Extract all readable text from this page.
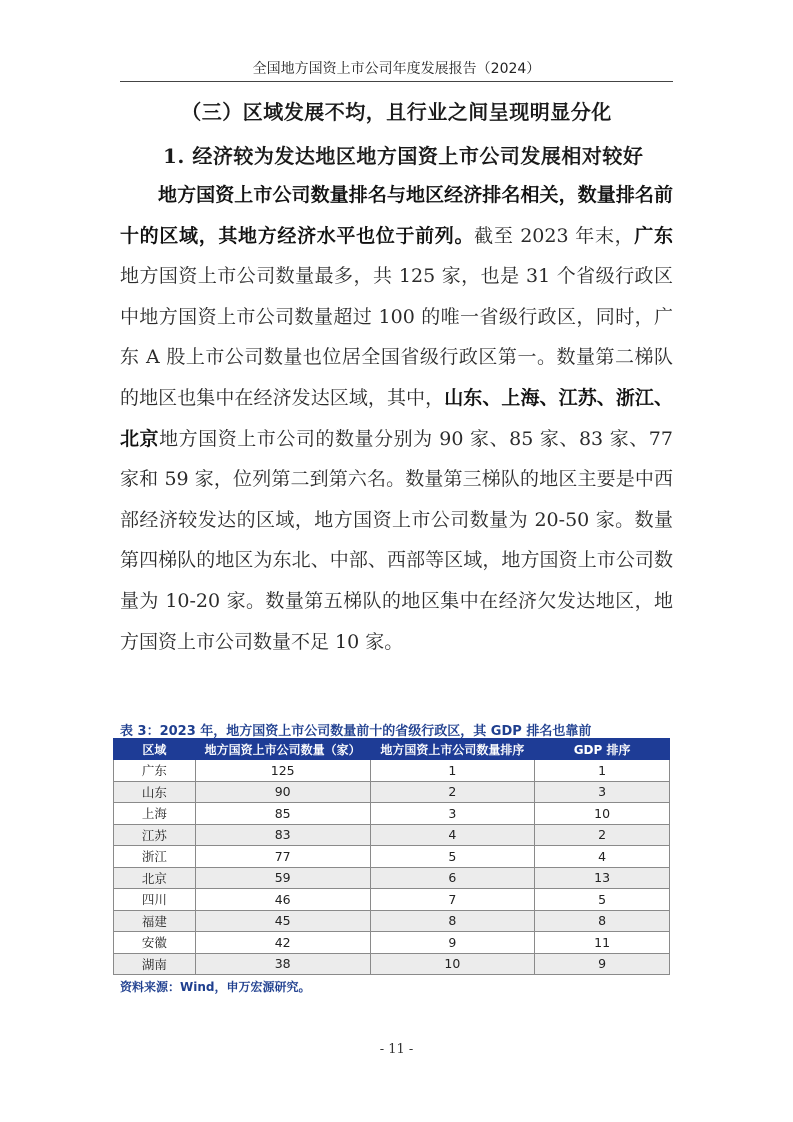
全国地方国资上市公司年度发展报告（2024）
（三）区域发展不均，且行业之间呈现明显分化
1. 经济较为发达地区地方国资上市公司发展相对较好
地方国资上市公司数量排名与地区经济排名相关，数量排名前十的区域，其地方经济水平也位于前列。截至 2023 年末，广东地方国资上市公司数量最多，共 125 家，也是 31 个省级行政区中地方国资上市公司数量超过 100 的唯一省级行政区，同时，广东 A 股上市公司数量也位居全国省级行政区第一。数量第二梯队的地区也集中在经济发达区域，其中，山东、上海、江苏、浙江、北京地方国资上市公司的数量分别为 90 家、85 家、83 家、77 家和 59 家，位列第二到第六名。数量第三梯队的地区主要是中西部经济较发达的区域，地方国资上市公司数量为 20-50 家。数量第四梯队的地区为东北、中部、西部等区域，地方国资上市公司数量为 10-20 家。数量第五梯队的地区集中在经济欠发达地区，地方国资上市公司数量不足 10 家。
表 3：2023 年，地方国资上市公司数量前十的省级行政区，其 GDP 排名也靠前
区域	地方国资上市公司数量（家）	地方国资上市公司数量排序	GDP 排序
广东	125	1	1
山东	90	2	3
上海	85	3	10
江苏	83	4	2
浙江	77	5	4
北京	59	6	13
四川	46	7	5
福建	45	8	8
安徽	42	9	11
湖南	38	10	9
资料来源：Wind，申万宏源研究。
- 11 -
